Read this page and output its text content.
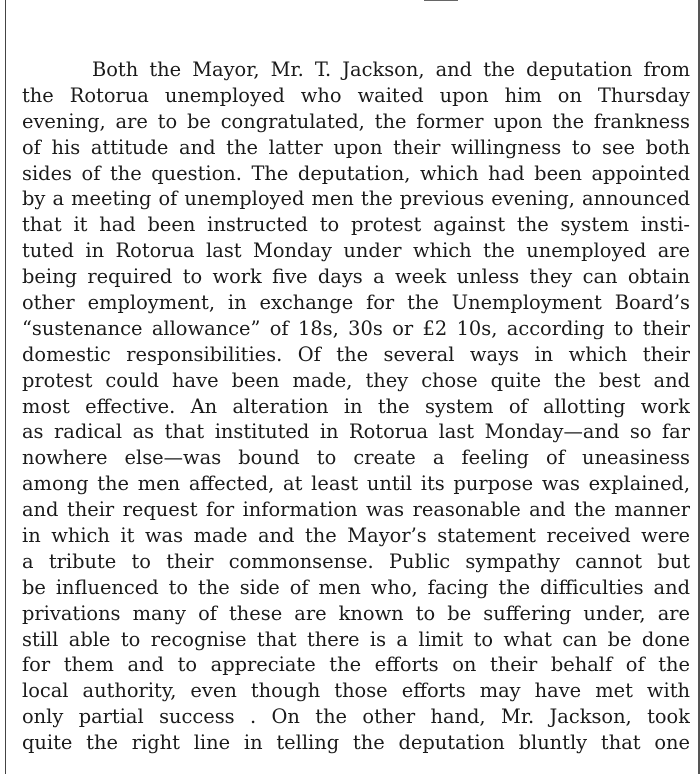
Both the Mayor, Mr. T. Jackson, and the deputation from
the Rotorua unemployed who waited upon him on Thursday
evening, are to be congratulated, the former upon the frankness
of his attitude and the latter upon their willingness to see both
sides of the question. The deputation, which had been appointed
by a meeting of unemployed men the previous evening, announced
that it had been instructed to protest against the system insti-
tuted in Rotorua last Monday under which the unemployed are
being required to work five days a week unless they can obtain
other employment, in exchange for the Unemployment Board’s
“sustenance allowance” of 18s, 30s or £2 10s, according to their
domestic responsibilities. Of the several ways in which their
protest could have been made, they chose quite the best and
most effective. An alteration in the system of allotting work
as radical as that instituted in Rotorua last Monday—and so far
nowhere else—was bound to create a feeling of uneasiness
among the men affected, at least until its purpose was explained,
and their request for information was reasonable and the manner
in which it was made and the Mayor’s statement received were
a tribute to their commonsense. Public sympathy cannot but
be influenced to the side of men who, facing the difficulties and
privations many of these are known to be suffering under, are
still able to recognise that there is a limit to what can be done
for them and to appreciate the efforts on their behalf of the
local authority, even though those efforts may have met with
only partial success . On the other hand, Mr. Jackson, took
quite the right line in telling the deputation bluntly that one
